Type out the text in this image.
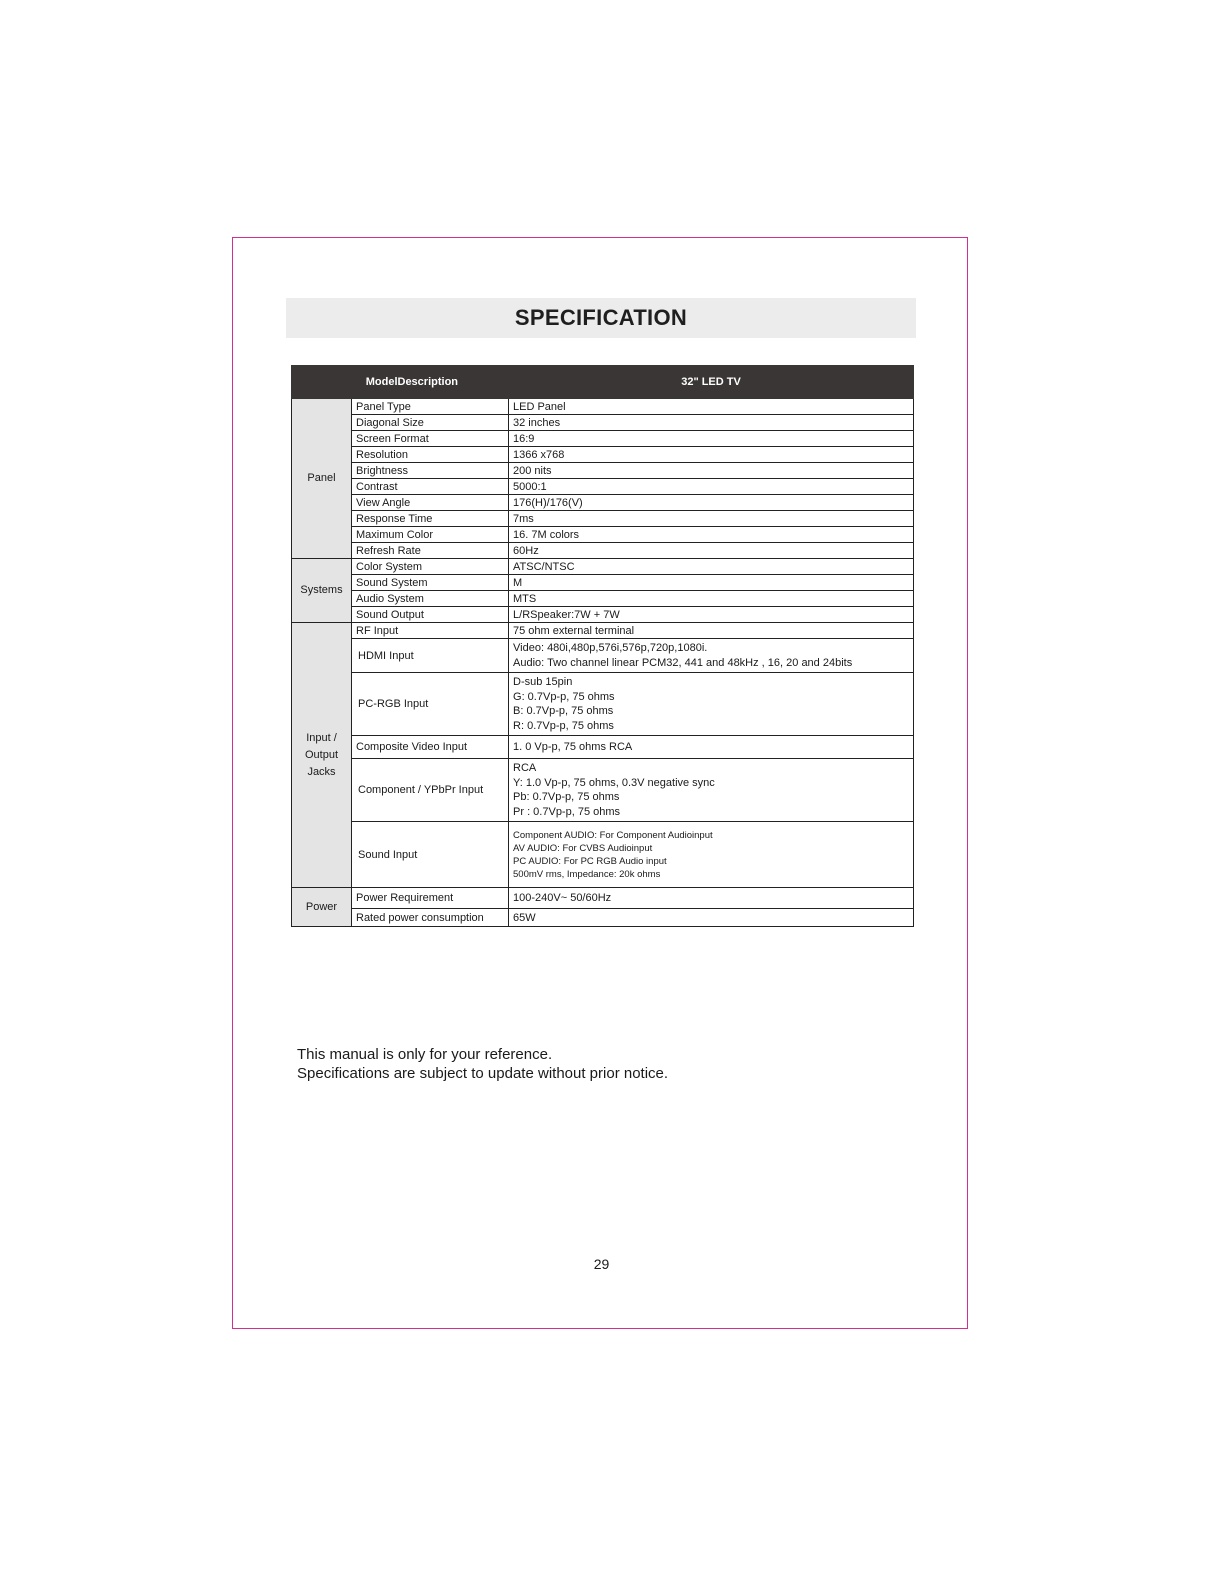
SPECIFICATION
ModelDescription		32" LED TV
Panel	Panel Type	LED Panel

	Diagonal Size	32 inches

	Screen Format	16:9

	Resolution	1366 x768

	Brightness	200 nits

	Contrast	5000:1

	View Angle	176(H)/176(V)

	Response Time	7ms

	Maximum Color	16. 7M colors

	Refresh Rate	60Hz

Systems	Color System	ATSC/NTSC

	Sound System	M

	Audio System	MTS

	Sound Output	L/RSpeaker:7W + 7W

Input / Output Jacks	RF Input	75 ohm external terminal

	HDMI Input	Video: 480i,480p,576i,576p,720p,1080i.
Audio: Two channel linear PCM32, 441 and 48kHz , 16, 20 and 24bits

	PC-RGB Input	D-sub 15pin
G: 0.7Vp-p, 75 ohms
B: 0.7Vp-p, 75 ohms
R: 0.7Vp-p, 75 ohms

	Composite Video Input	1. 0 Vp-p, 75 ohms RCA

	Component / YPbPr Input	RCA
Y: 1.0 Vp-p, 75 ohms, 0.3V negative sync
Pb: 0.7Vp-p, 75 ohms
Pr : 0.7Vp-p, 75 ohms

	Sound Input	Component AUDIO: For Component Audioinput
AV AUDIO: For CVBS Audioinput
PC AUDIO: For PC RGB Audio input
500mV rms, Impedance: 20k ohms

Power	Power Requirement	100-240V~ 50/60Hz

	Rated power consumption	65W
This manual is only for your reference.
Specifications are subject to update without prior notice.
29
